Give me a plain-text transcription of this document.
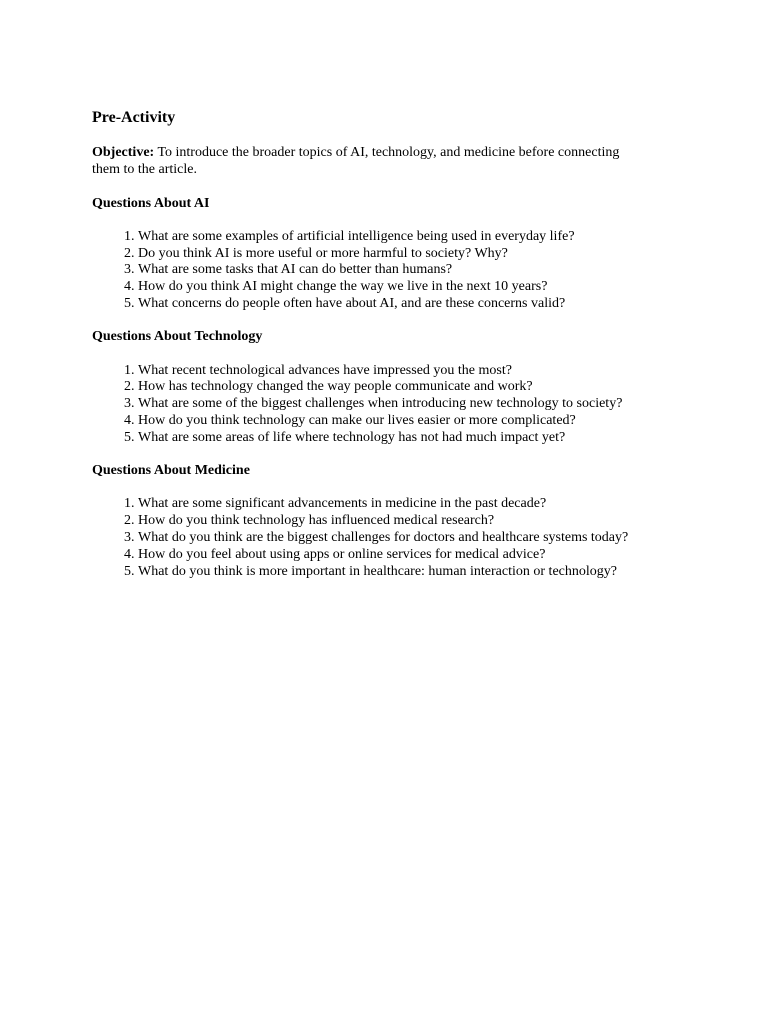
Pre-Activity
Objective: To introduce the broader topics of AI, technology, and medicine before connecting them to the article.
Questions About AI
1. What are some examples of artificial intelligence being used in everyday life?
2. Do you think AI is more useful or more harmful to society? Why?
3. What are some tasks that AI can do better than humans?
4. How do you think AI might change the way we live in the next 10 years?
5. What concerns do people often have about AI, and are these concerns valid?
Questions About Technology
1. What recent technological advances have impressed you the most?
2. How has technology changed the way people communicate and work?
3. What are some of the biggest challenges when introducing new technology to society?
4. How do you think technology can make our lives easier or more complicated?
5. What are some areas of life where technology has not had much impact yet?
Questions About Medicine
1. What are some significant advancements in medicine in the past decade?
2. How do you think technology has influenced medical research?
3. What do you think are the biggest challenges for doctors and healthcare systems today?
4. How do you feel about using apps or online services for medical advice?
5. What do you think is more important in healthcare: human interaction or technology?
